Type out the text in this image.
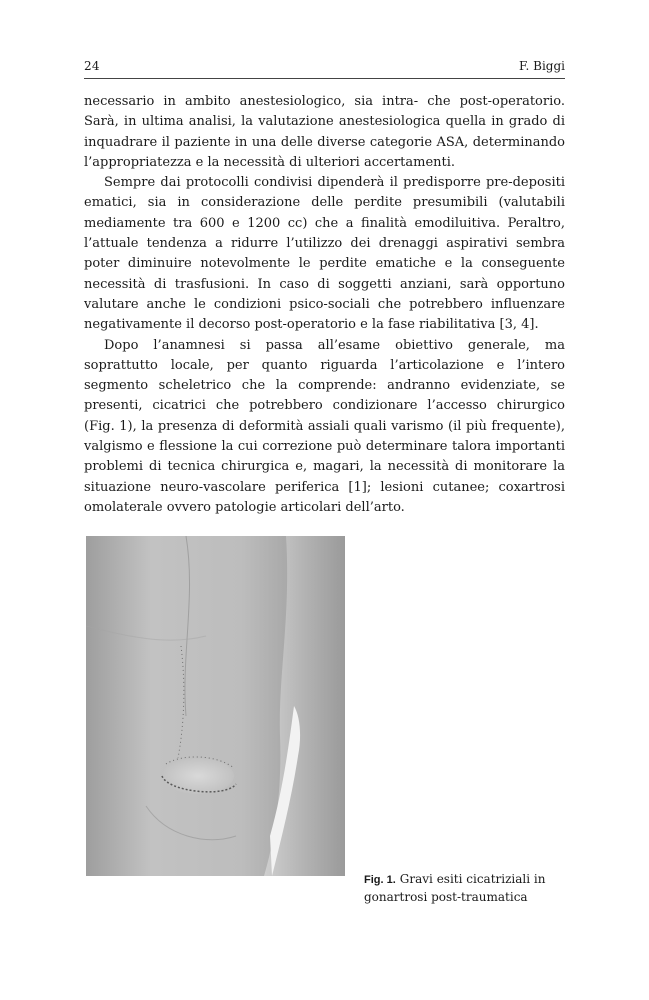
24	F. Biggi

necessario in ambito anestesiologico, sia intra- che post-operatorio. Sarà, in ultima analisi, la valutazione anestesiologica quella in grado di inquadrare il paziente in una delle diverse categorie ASA, determinando l’appropriatezza e la necessità di ulteriori accertamenti.

Sempre dai protocolli condivisi dipenderà il predisporre pre-depositi ematici, sia in considerazione delle perdite presumibili (valutabili mediamente tra 600 e 1200 cc) che a finalità emodiluitiva. Peraltro, l’attuale tendenza a ridurre l’utilizzo dei drenaggi aspirativi sembra poter diminuire notevolmente le perdite ematiche e la conseguente necessità di trasfusioni. In caso di soggetti anziani, sarà opportuno valutare anche le condizioni psico-sociali che potrebbero influenzare negativamente il decorso post-operatorio e la fase riabilitativa [3, 4].

Dopo l’anamnesi si passa all’esame obiettivo generale, ma soprattutto locale, per quanto riguarda l’articolazione e l’intero segmento scheletrico che la comprende: andranno evidenziate, se presenti, cicatrici che potrebbero condizionare l’accesso chirurgico (Fig. 1), la presenza di deformità assiali quali varismo (il più frequente), valgismo e flessione la cui correzione può determinare talora importanti problemi di tecnica chirurgica e, magari, la necessità di monitorare la situazione neuro-vascolare periferica [1]; lesioni cutanee; coxartrosi omolaterale ovvero patologie articolari dell’arto.

Fig. 1. Gravi esiti cicatriziali in gonartrosi post-traumatica
